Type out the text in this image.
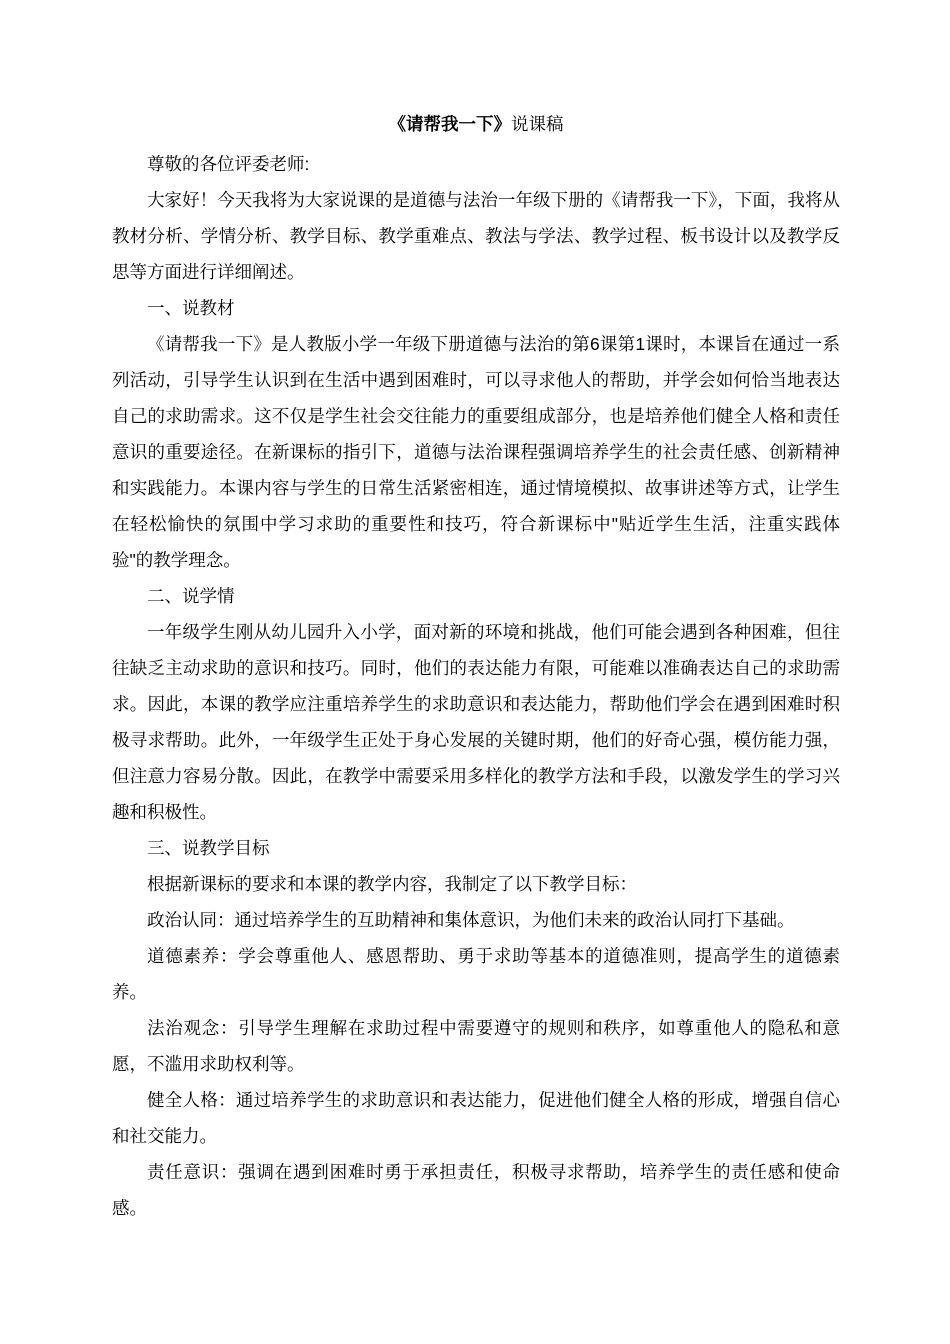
《请帮我一下》说课稿

尊敬的各位评委老师:

大家好！今天我将为大家说课的是道德与法治一年级下册的《请帮我一下》，下面，我将从教材分析、学情分析、教学目标、教学重难点、教法与学法、教学过程、板书设计以及教学反思等方面进行详细阐述。

一、说教材

《请帮我一下》是人教版小学一年级下册道德与法治的第6课第1课时，本课旨在通过一系列活动，引导学生认识到在生活中遇到困难时，可以寻求他人的帮助，并学会如何恰当地表达自己的求助需求。这不仅是学生社会交往能力的重要组成部分，也是培养他们健全人格和责任意识的重要途径。在新课标的指引下，道德与法治课程强调培养学生的社会责任感、创新精神和实践能力。本课内容与学生的日常生活紧密相连，通过情境模拟、故事讲述等方式，让学生在轻松愉快的氛围中学习求助的重要性和技巧，符合新课标中"贴近学生生活，注重实践体验"的教学理念。

二、说学情

一年级学生刚从幼儿园升入小学，面对新的环境和挑战，他们可能会遇到各种困难，但往往缺乏主动求助的意识和技巧。同时，他们的表达能力有限，可能难以准确表达自己的求助需求。因此，本课的教学应注重培养学生的求助意识和表达能力，帮助他们学会在遇到困难时积极寻求帮助。此外，一年级学生正处于身心发展的关键时期，他们的好奇心强，模仿能力强，但注意力容易分散。因此，在教学中需要采用多样化的教学方法和手段，以激发学生的学习兴趣和积极性。

三、说教学目标

根据新课标的要求和本课的教学内容，我制定了以下教学目标：

政治认同：通过培养学生的互助精神和集体意识，为他们未来的政治认同打下基础。

道德素养：学会尊重他人、感恩帮助、勇于求助等基本的道德准则，提高学生的道德素养。

法治观念：引导学生理解在求助过程中需要遵守的规则和秩序，如尊重他人的隐私和意愿，不滥用求助权利等。

健全人格：通过培养学生的求助意识和表达能力，促进他们健全人格的形成，增强自信心和社交能力。

责任意识：强调在遇到困难时勇于承担责任，积极寻求帮助，培养学生的责任感和使命感。
